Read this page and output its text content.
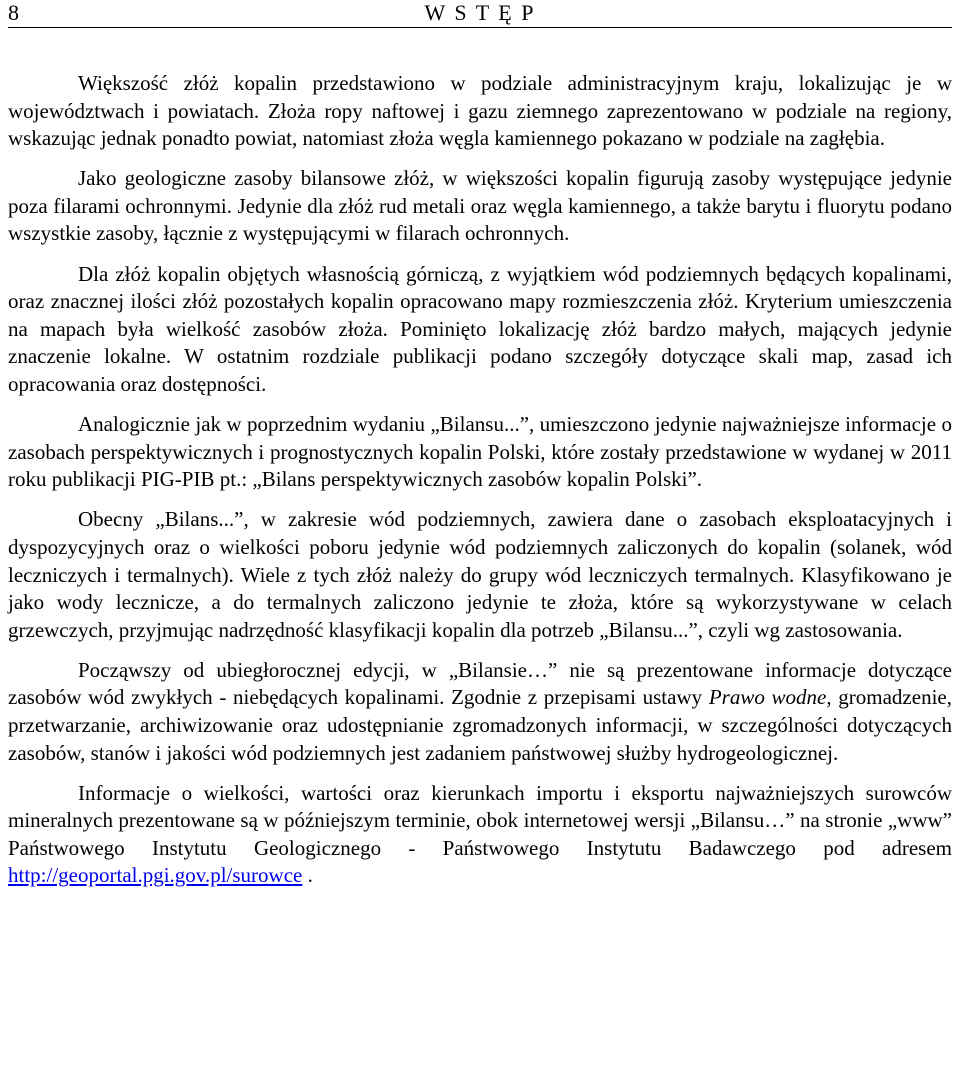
8	W S T Ę P

Większość złóż kopalin przedstawiono w podziale administracyjnym kraju, lokalizując je w województwach i powiatach. Złoża ropy naftowej i gazu ziemnego zaprezentowano w podziale na regiony, wskazując jednak ponadto powiat, natomiast złoża węgla kamiennego pokazano w podziale na zagłębia.

Jako geologiczne zasoby bilansowe złóż, w większości kopalin figurują zasoby występujące jedynie poza filarami ochronnymi. Jedynie dla złóż rud metali oraz węgla kamiennego, a także barytu i fluorytu podano wszystkie zasoby, łącznie z występującymi w filarach ochronnych.

Dla złóż kopalin objętych własnością górniczą, z wyjątkiem wód podziemnych będących kopalinami, oraz znacznej ilości złóż pozostałych kopalin opracowano mapy rozmieszczenia złóż. Kryterium umieszczenia na mapach była wielkość zasobów złoża. Pominięto lokalizację złóż bardzo małych, mających jedynie znaczenie lokalne. W ostatnim rozdziale publikacji podano szczegóły dotyczące skali map, zasad ich opracowania oraz dostępności.

Analogicznie jak w poprzednim wydaniu „Bilansu...”, umieszczono jedynie najważniejsze informacje o zasobach perspektywicznych i prognostycznych kopalin Polski, które zostały przedstawione w wydanej w 2011 roku publikacji PIG-PIB pt.: „Bilans perspektywicznych zasobów kopalin Polski”.

Obecny „Bilans...”, w zakresie wód podziemnych, zawiera dane o zasobach eksploatacyjnych i dyspozycyjnych oraz o wielkości poboru jedynie wód podziemnych zaliczonych do kopalin (solanek, wód leczniczych i termalnych). Wiele z tych złóż należy do grupy wód leczniczych termalnych. Klasyfikowano je jako wody lecznicze, a do termalnych zaliczono jedynie te złoża, które są wykorzystywane w celach grzewczych, przyjmując nadrzędność klasyfikacji kopalin dla potrzeb „Bilansu...”, czyli wg zastosowania.

Począwszy od ubiegłorocznej edycji, w „Bilansie…” nie są prezentowane informacje dotyczące zasobów wód zwykłych - niebędących kopalinami. Zgodnie z przepisami ustawy Prawo wodne, gromadzenie, przetwarzanie, archiwizowanie oraz udostępnianie zgromadzonych informacji, w szczególności dotyczących zasobów, stanów i jakości wód podziemnych jest zadaniem państwowej służby hydrogeologicznej.

Informacje o wielkości, wartości oraz kierunkach importu i eksportu najważniejszych surowców mineralnych prezentowane są w późniejszym terminie, obok internetowej wersji „Bilansu…” na stronie „www” Państwowego Instytutu Geologicznego - Państwowego Instytutu Badawczego pod adresem http://geoportal.pgi.gov.pl/surowce .
